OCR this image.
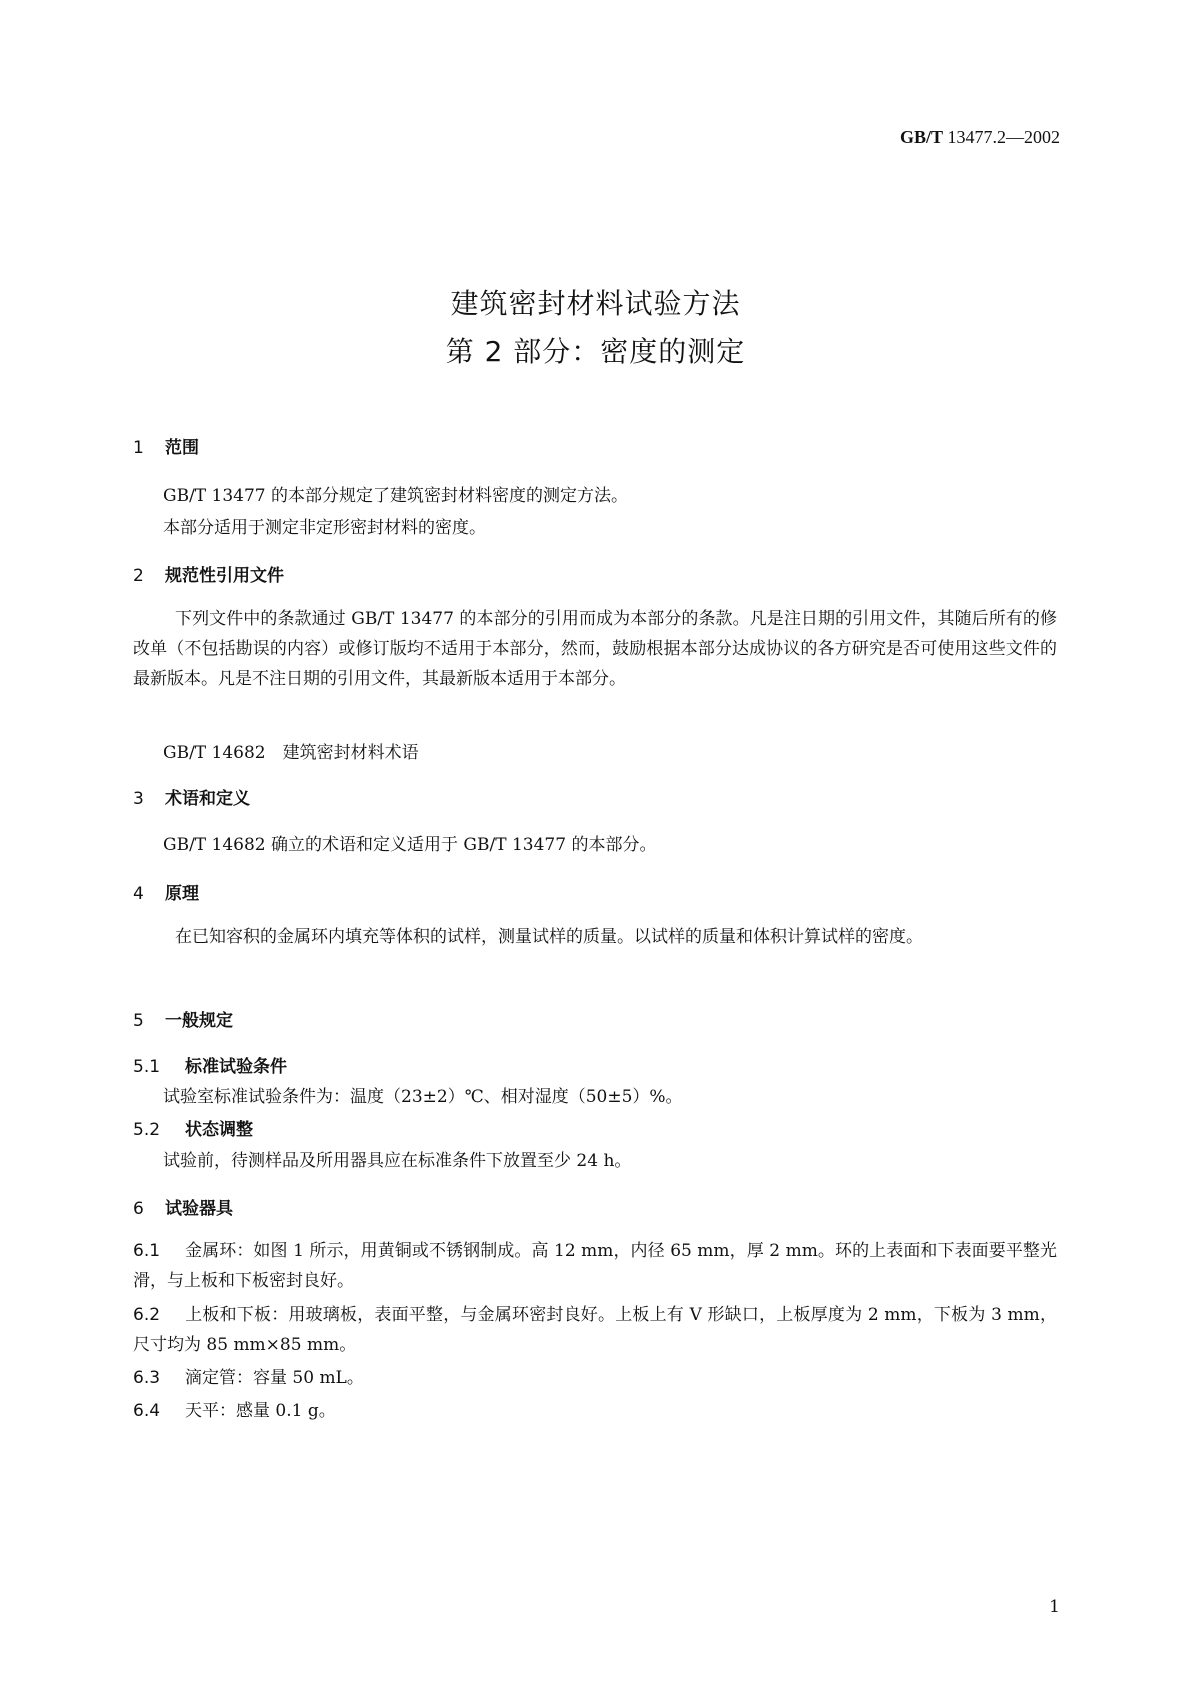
GB/T 13477.2—2002
建筑密封材料试验方法
第 2 部分：密度的测定
1 范围
GB/T 13477 的本部分规定了建筑密封材料密度的测定方法。
本部分适用于测定非定形密封材料的密度。
2 规范性引用文件
下列文件中的条款通过 GB/T 13477 的本部分的引用而成为本部分的条款。凡是注日期的引用文件，其随后所有的修改单（不包括勘误的内容）或修订版均不适用于本部分，然而，鼓励根据本部分达成协议的各方研究是否可使用这些文件的最新版本。凡是不注日期的引用文件，其最新版本适用于本部分。
GB/T 14682　建筑密封材料术语
3 术语和定义
GB/T 14682 确立的术语和定义适用于 GB/T 13477 的本部分。
4 原理
在已知容积的金属环内填充等体积的试样，测量试样的质量。以试样的质量和体积计算试样的密度。
5 一般规定
5.1 标准试验条件
试验室标准试验条件为：温度（23±2）℃、相对湿度（50±5）%。
5.2 状态调整
试验前，待测样品及所用器具应在标准条件下放置至少 24 h。
6 试验器具
6.1 金属环：如图 1 所示，用黄铜或不锈钢制成。高 12 mm，内径 65 mm，厚 2 mm。环的上表面和下表面要平整光滑，与上板和下板密封良好。
6.2 上板和下板：用玻璃板，表面平整，与金属环密封良好。上板上有 V 形缺口，上板厚度为 2 mm，下板为 3 mm，尺寸均为 85 mm×85 mm。
6.3 滴定管：容量 50 mL。
6.4 天平：感量 0.1 g。
1
